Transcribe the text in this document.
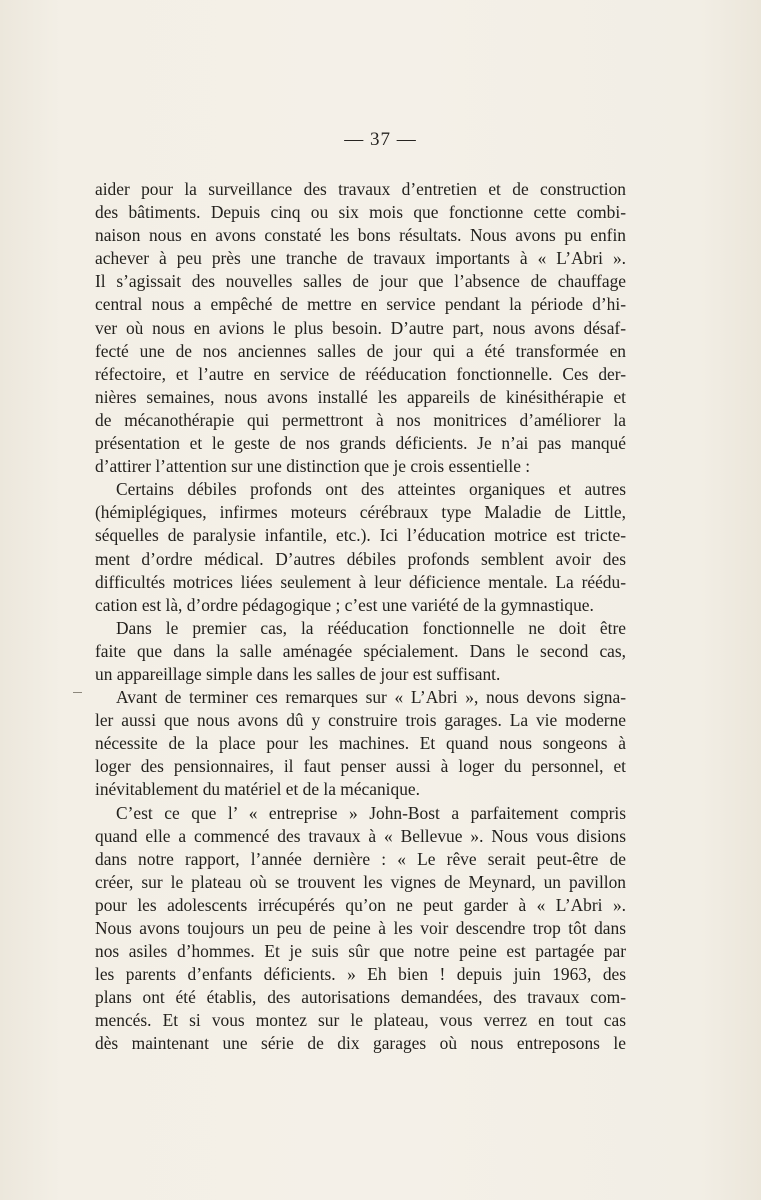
— 37 —
aider pour la surveillance des travaux d’entretien et de construction
des bâtiments. Depuis cinq ou six mois que fonctionne cette combi-
naison nous en avons constaté les bons résultats. Nous avons pu enfin
achever à peu près une tranche de travaux importants à « L’Abri ».
Il s’agissait des nouvelles salles de jour que l’absence de chauffage
central nous a empêché de mettre en service pendant la période d’hi-
ver où nous en avions le plus besoin. D’autre part, nous avons désaf-
fecté une de nos anciennes salles de jour qui a été transformée en
réfectoire, et l’autre en service de rééducation fonctionnelle. Ces der-
nières semaines, nous avons installé les appareils de kinésithérapie et
de mécanothérapie qui permettront à nos monitrices d’améliorer la
présentation et le geste de nos grands déficients. Je n’ai pas manqué
d’attirer l’attention sur une distinction que je crois essentielle :
Certains débiles profonds ont des atteintes organiques et autres
(hémiplégiques, infirmes moteurs cérébraux type Maladie de Little,
séquelles de paralysie infantile, etc.). Ici l’éducation motrice est tricte-
ment d’ordre médical. D’autres débiles profonds semblent avoir des
difficultés motrices liées seulement à leur déficience mentale. La réédu-
cation est là, d’ordre pédagogique ; c’est une variété de la gymnastique.
Dans le premier cas, la rééducation fonctionnelle ne doit être
faite que dans la salle aménagée spécialement. Dans le second cas,
un appareillage simple dans les salles de jour est suffisant.
Avant de terminer ces remarques sur « L’Abri », nous devons signa-
ler aussi que nous avons dû y construire trois garages. La vie moderne
nécessite de la place pour les machines. Et quand nous songeons à
loger des pensionnaires, il faut penser aussi à loger du personnel, et
inévitablement du matériel et de la mécanique.
C’est ce que l’ « entreprise » John-Bost a parfaitement compris
quand elle a commencé des travaux à « Bellevue ». Nous vous disions
dans notre rapport, l’année dernière : « Le rêve serait peut-être de
créer, sur le plateau où se trouvent les vignes de Meynard, un pavillon
pour les adolescents irrécupérés qu’on ne peut garder à « L’Abri ».
Nous avons toujours un peu de peine à les voir descendre trop tôt dans
nos asiles d’hommes. Et je suis sûr que notre peine est partagée par
les parents d’enfants déficients. » Eh bien ! depuis juin 1963, des
plans ont été établis, des autorisations demandées, des travaux com-
mencés. Et si vous montez sur le plateau, vous verrez en tout cas
dès maintenant une série de dix garages où nous entreposons le
